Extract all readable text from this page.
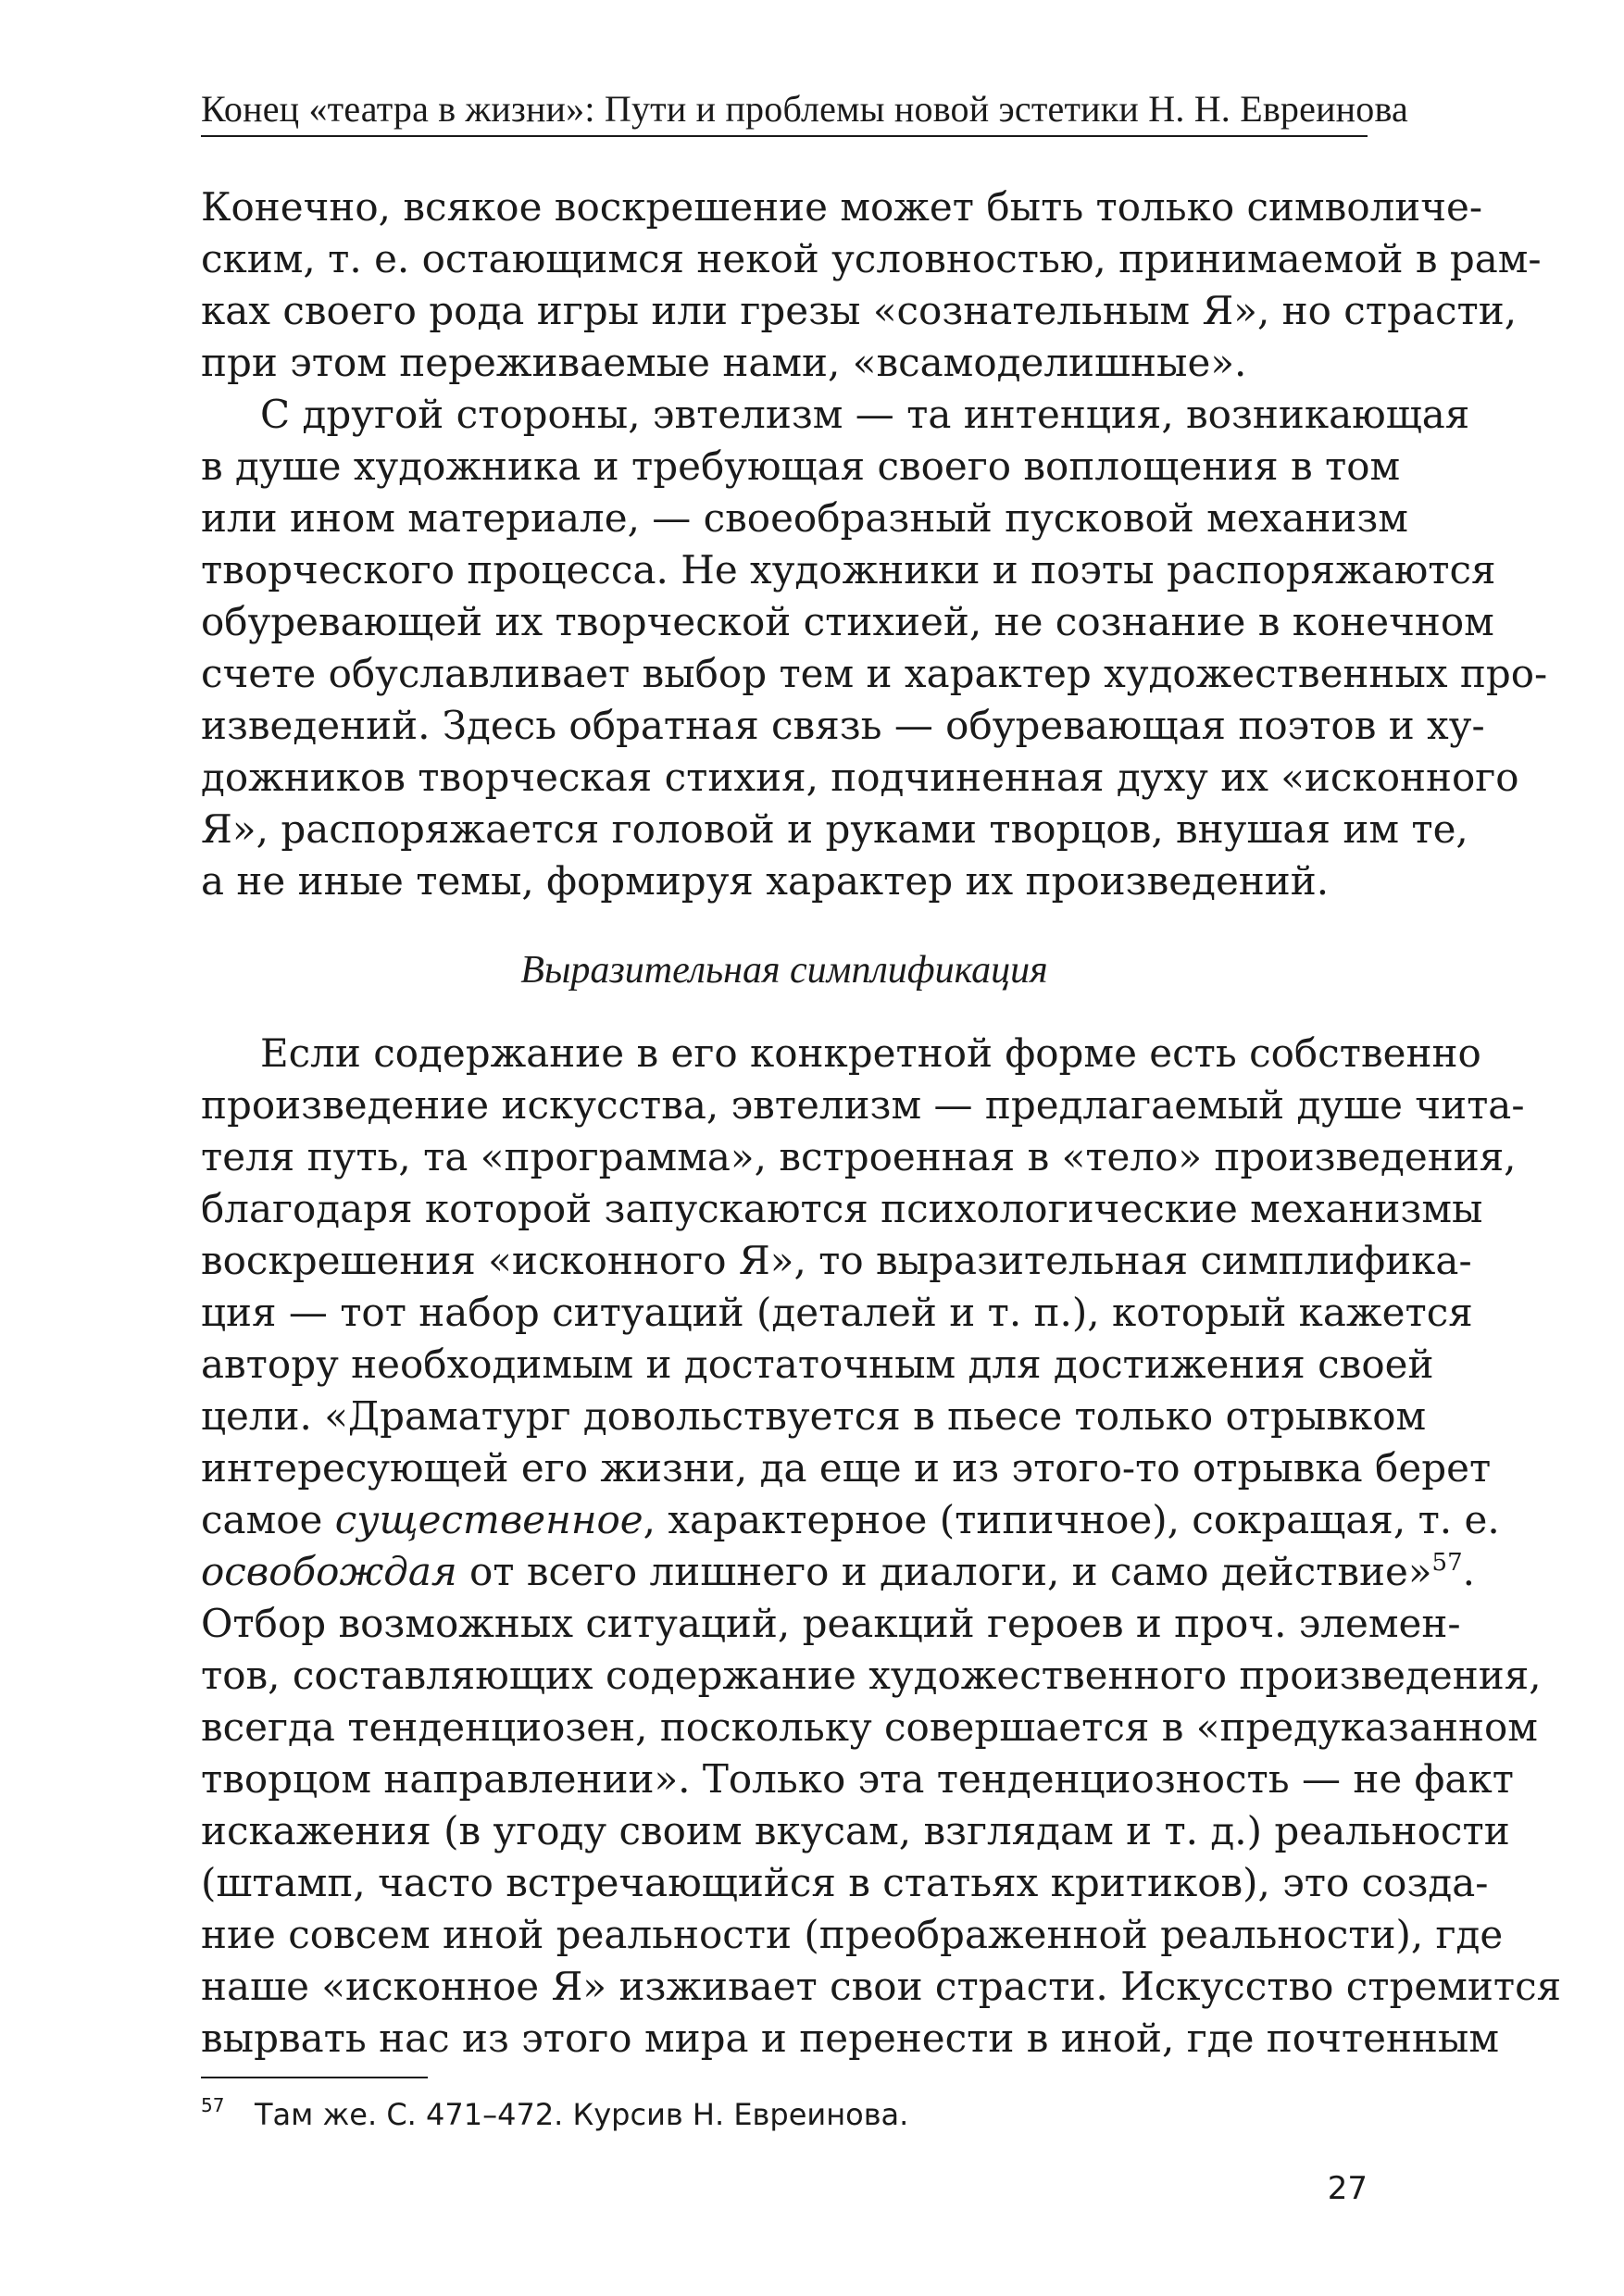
Конец «театра в жизни»: Пути и проблемы новой эстетики Н. Н. Евреинова
Конечно, всякое воскрешение может быть только символиче-
ским, т. е. остающимся некой условностью, принимаемой в рам-
ках своего рода игры или грезы «сознательным Я», но страсти,
при этом переживаемые нами, «всамоделишные».
С другой стороны, эвтелизм — та интенция, возникающая
в душе художника и требующая своего воплощения в том
или ином материале, — своеобразный пусковой механизм
творческого процесса. Не художники и поэты распоряжаются
обуревающей их творческой стихией, не сознание в конечном
счете обуславливает выбор тем и характер художественных про-
изведений. Здесь обратная связь — обуревающая поэтов и ху-
дожников творческая стихия, подчиненная духу их «исконного
Я», распоряжается головой и руками творцов, внушая им те,
а не иные темы, формируя характер их произведений.
Выразительная симплификация
Если содержание в его конкретной форме есть собственно
произведение искусства, эвтелизм — предлагаемый душе чита-
теля путь, та «программа», встроенная в «тело» произведения,
благодаря которой запускаются психологические механизмы
воскрешения «исконного Я», то выразительная симплифика-
ция — тот набор ситуаций (деталей и т. п.), который кажется
автору необходимым и достаточным для достижения своей
цели. «Драматург довольствуется в пьесе только отрывком
интересующей его жизни, да еще и из этого-то отрывка берет
самое существенное, характерное (типичное), сокращая, т. е.
освобождая от всего лишнего и диалоги, и само действие»$^{57}$.
Отбор возможных ситуаций, реакций героев и проч. элемен-
тов, составляющих содержание художественного произведения,
всегда тенденциозен, поскольку совершается в «предуказанном
творцом направлении». Только эта тенденциозность — не факт
искажения (в угоду своим вкусам, взглядам и т. д.) реальности
(штамп, часто встречающийся в статьях критиков), это созда-
ние совсем иной реальности (преображенной реальности), где
наше «исконное Я» изживает свои страсти. Искусство стремится
вырвать нас из этого мира и перенести в иной, где почтенным
57 Там же. С. 471–472. Курсив Н. Евреинова.
27
